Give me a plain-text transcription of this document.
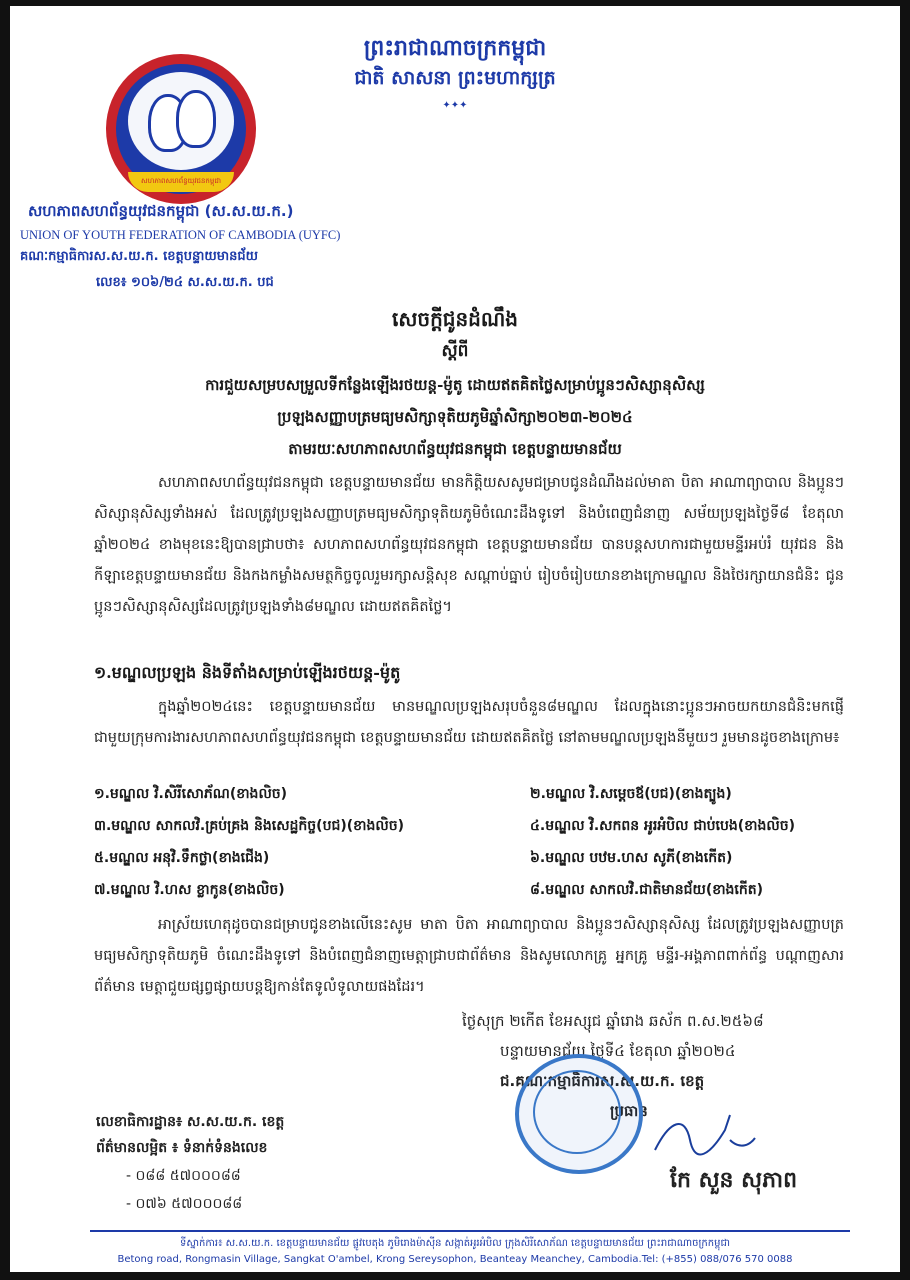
ព្រះរាជាណាចក្រកម្ពុជា
ជាតិ សាសនា ព្រះមហាក្សត្រ
✦✦✦
សហភាពសហព័ន្ធយុវជនកម្ពុជា
សហភាពសហព័ន្ធយុវជនកម្ពុជា (ស.ស.យ.ក.)
UNION OF YOUTH FEDERATION OF CAMBODIA (UYFC)
គណៈកម្មាធិការស.ស.យ.ក. ខេត្តបន្ទាយមានជ័យ
លេខ៖ ១០៦/២៤ ស.ស.យ.ក. បជ
សេចក្តីជូនដំណឹង
ស្តីពី
ការជួយសម្របសម្រួលទីកន្លែងឡើងរថយន្ត-ម៉ូតូ ដោយឥតគិតថ្លៃសម្រាប់ប្អូនៗសិស្សានុសិស្ស
ប្រឡងសញ្ញាបត្រមធ្យមសិក្សាទុតិយភូមិឆ្នាំសិក្សា២០២៣-២០២៤
តាមរយៈសហភាពសហព័ន្ធយុវជនកម្ពុជា ខេត្តបន្ទាយមានជ័យ
សហភាពសហព័ន្ធយុវជនកម្ពុជា ខេត្តបន្ទាយមានជ័យ មានកិត្តិយសសូមជម្រាបជូនដំណឹងដល់មាតា បិតា អាណាព្យាបាល និងប្អូនៗសិស្សានុសិស្សទាំងអស់ ដែលត្រូវប្រឡងសញ្ញាបត្រមធ្យមសិក្សាទុតិយភូមិចំណេះដឹងទូទៅ និងបំពេញជំនាញ សម័យប្រឡងថ្ងៃទី៨ ខែតុលា ឆ្នាំ២០២៤ ខាងមុខនេះឱ្យបានជ្រាបថា៖ សហភាពសហព័ន្ធយុវជនកម្ពុជា ខេត្តបន្ទាយមានជ័យ បានបន្តសហការជាមួយមន្ទីរអប់រំ យុវជន និងកីឡាខេត្តបន្ទាយមានជ័យ និងកងកម្លាំងសមត្ថកិច្ចចូលរួមរក្សាសន្តិសុខ សណ្តាប់ធ្នាប់ រៀបចំរៀបយានខាងក្រោមណ្ឌល និងថៃរក្សាយានជំនិះ ជូនប្អូនៗសិស្សានុសិស្សដែលត្រូវប្រឡងទាំង៨មណ្ឌល ដោយឥតគិតថ្លៃ។
១.មណ្ឌលប្រឡង និងទីតាំងសម្រាប់ឡើងរថយន្ត-ម៉ូតូ
ក្នុងឆ្នាំ២០២៤នេះ ខេត្តបន្ទាយមានជ័យ មានមណ្ឌលប្រឡងសរុបចំនួន៨មណ្ឌល ដែលក្នុងនោះប្អូនៗអាចយកយានជំនិះមកផ្ញើជាមួយក្រុមការងារសហភាពសហព័ន្ធយុវជនកម្ពុជា ខេត្តបន្ទាយមានជ័យ ដោយឥតគិតថ្លៃ នៅតាមមណ្ឌលប្រឡងនីមួយៗ រួមមានដូចខាងក្រោម៖
១.មណ្ឌល វិ.សិរីសោភ័ណ(ខាងលិច)	២.មណ្ឌល វិ.សម្តេចឪ(បជ)(ខាងត្បូង)
៣.មណ្ឌល សាកលវិ.គ្រប់គ្រង និងសេដ្ឋកិច្ច(បជ)(ខាងលិច)	៤.មណ្ឌល វិ.សកពន អូរអំបិល ជាប់បេង(ខាងលិច)
៥.មណ្ឌល អនុវិ.ទឹកថ្លា(ខាងជើង)	៦.មណ្ឌល បឋម.ហស សូភី(ខាងកើត)
៧.មណ្ឌល វិ.ហស ខ្លាកូន(ខាងលិច)	៨.មណ្ឌល សាកលវិ.ជាតិមានជ័យ(ខាងកើត)
អាស្រ័យហេតុដូចបានជម្រាបជូនខាងលើនេះសូម មាតា បិតា អាណាព្យាបាល និងប្អូនៗសិស្សានុសិស្ស ដែលត្រូវប្រឡងសញ្ញាបត្រមធ្យមសិក្សាទុតិយភូមិ ចំណេះដឹងទូទៅ និងបំពេញជំនាញមេត្តាជ្រាបជាព័ត៌មាន និងសូមលោកគ្រូ អ្នកគ្រូ មន្ទីរ-អង្គភាពពាក់ព័ន្ធ បណ្តាញសារព័ត៌មាន មេត្តាជួយផ្សព្វផ្សាយបន្តឱ្យកាន់តែទូលំទូលាយផងដែរ។
ថ្ងៃសុក្រ ២កើត ខែអស្សុជ ឆ្នាំរោង ឆស័ក ព.ស.២៥៦៨
បន្ទាយមានជ័យ ថ្ងៃទី៤ ខែតុលា ឆ្នាំ២០២៤
ជ.គណៈកម្មាធិការស.ស.យ.ក. ខេត្ត
ប្រធាន
កែ សួន សុភាព
លេខាធិការដ្ឋាន៖ ស.ស.យ.ក. ខេត្ត
ព័ត៌មានលម្អិត ៖ ទំនាក់ទំនងលេខ
- ០៨៨ ៥៧០០០៨៨
- ០៧៦ ៥៧០០០៨៨
ទីស្នាក់ការ៖ ស.ស.យ.ក. ខេត្តបន្ទាយមានជ័យ ផ្លូវបេតុង ភូមិរោងម៉ាស៊ីន សង្កាត់អូរអំបិល ក្រុងសិរីសោភ័ណ ខេត្តបន្ទាយមានជ័យ ព្រះរាជាណាចក្រកម្ពុជា
Betong road, Rongmasin Village, Sangkat O'ambel, Krong Sereysophon, Beanteay Meanchey, Cambodia.Tel: (+855) 088/076 570 0088
